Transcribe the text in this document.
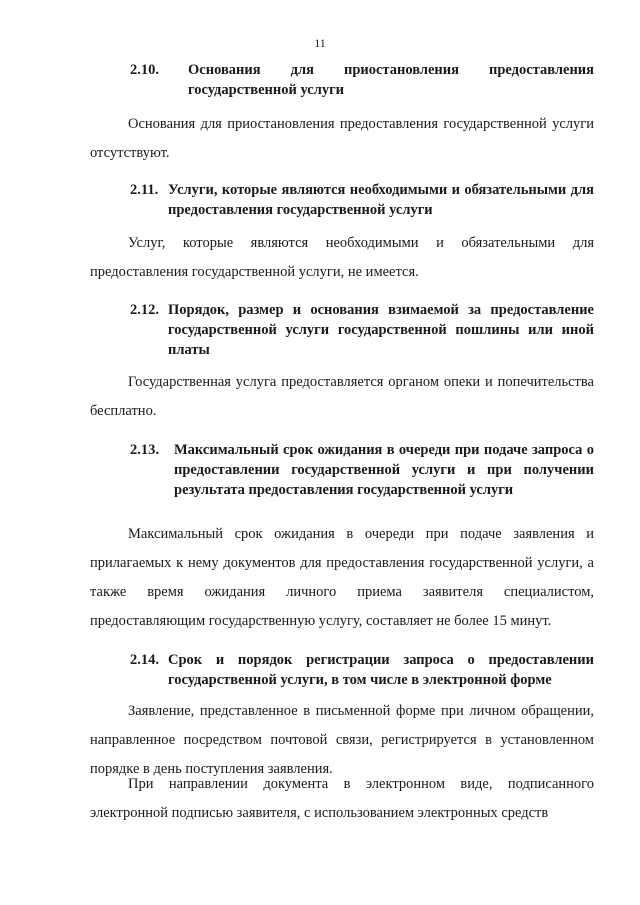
11
2.10.	Основания для приостановления предоставления государственной услуги
Основания для приостановления предоставления государственной услуги отсутствуют.
2.11. Услуги, которые являются необходимыми и обязательными для предоставления государственной услуги
Услуг, которые являются необходимыми и обязательными для предоставления государственной услуги, не имеется.
2.12. Порядок, размер и основания взимаемой за предоставление государственной услуги государственной пошлины или иной платы
Государственная услуга предоставляется органом опеки и попечительства бесплатно.
2.13.	Максимальный срок ожидания в очереди при подаче запроса о предоставлении государственной услуги и при получении результата предоставления государственной услуги
Максимальный срок ожидания в очереди при подаче заявления и прилагаемых к нему документов для предоставления государственной услуги, а также время ожидания личного приема заявителя специалистом, предоставляющим государственную услугу, составляет не более 15 минут.
2.14. Срок и порядок регистрации запроса о предоставлении государственной услуги, в том числе в электронной форме
Заявление, представленное в письменной форме при личном обращении, направленное посредством почтовой связи, регистрируется в установленном порядке в день поступления заявления.
При направлении документа в электронном виде, подписанного электронной подписью заявителя, с использованием электронных средств
